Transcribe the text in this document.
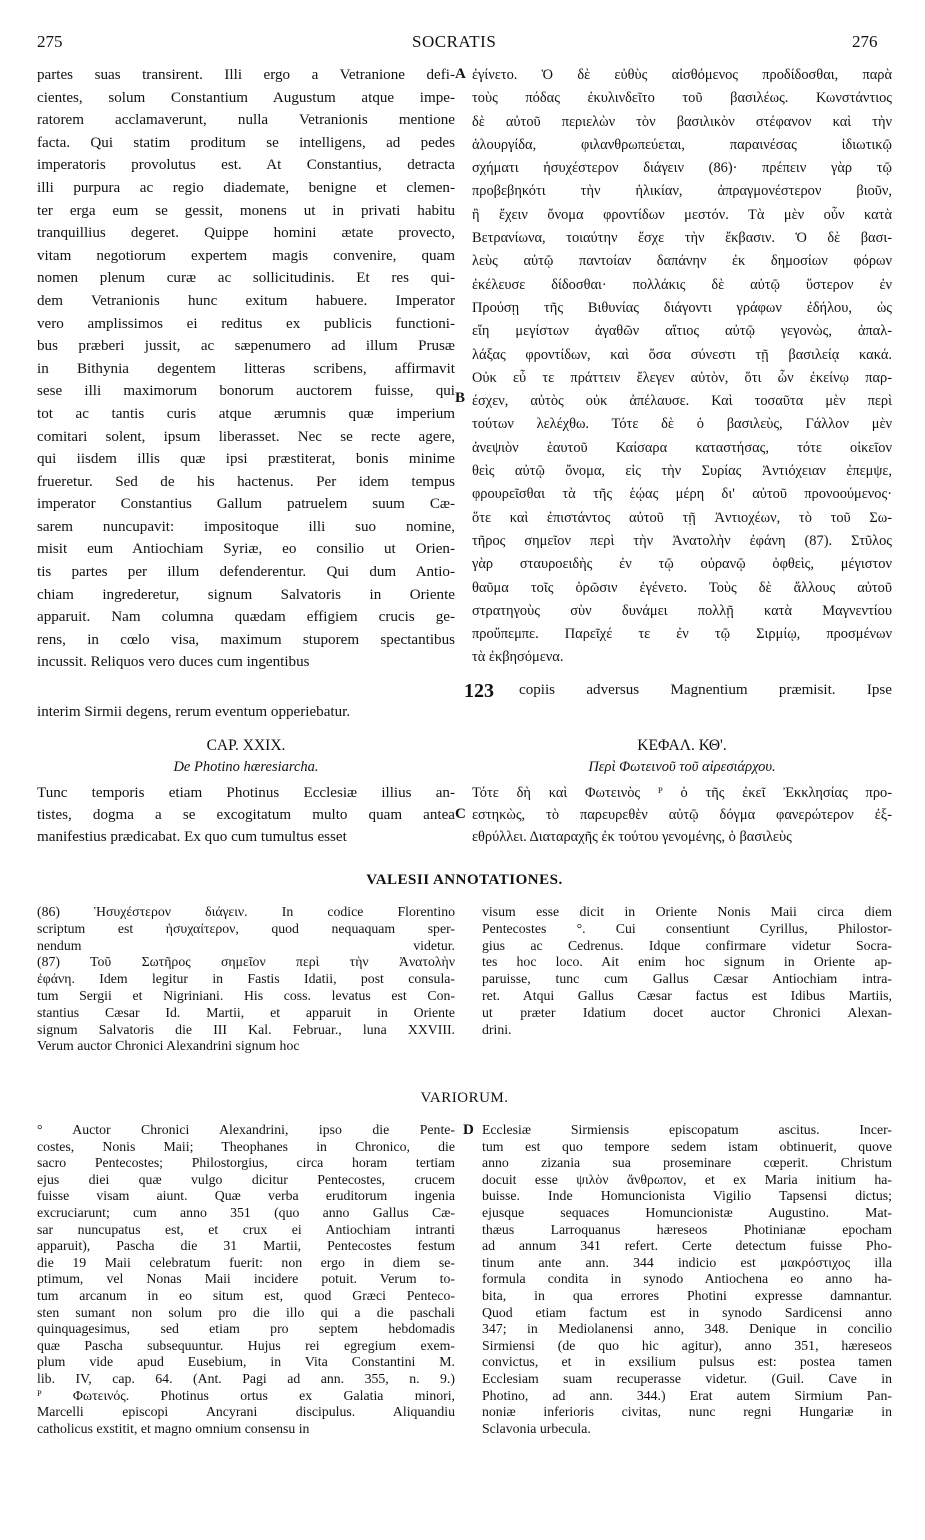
275	SOCRATIS	276
partes suas transirent. Illi ergo a Vetranione defi-
cientes, solum Constantium Augustum atque impe-
ratorem acclamaverunt, nulla Vetranionis mentione
facta. Qui statim proditum se intelligens, ad pedes
imperatoris provolutus est. At Constantius, detracta
illi purpura ac regio diademate, benigne et clemen-
ter erga eum se gessit, monens ut in privati habitu
tranquillius degeret. Quippe homini ætate provecto,
vitam negotiorum expertem magis convenire, quam
nomen plenum curæ ac sollicitudinis. Et res qui-
dem Vetranionis hunc exitum habuere. Imperator
vero amplissimos ei reditus ex publicis functioni-
bus præberi jussit, ac sæpenumero ad illum Prusæ
in Bithynia degentem litteras scribens, affirmavit
sese illi maximorum bonorum auctorem fuisse, qui
tot ac tantis curis atque ærumnis quæ imperium
comitari solent, ipsum liberasset. Nec se recte agere,
qui iisdem illis quæ ipsi præstiterat, bonis minime
frueretur. Sed de his hactenus. Per idem tempus
imperator Constantius Gallum patruelem suum Cæ-
sarem nuncupavit: impositoque illi suo nomine,
misit eum Antiochiam Syriæ, eo consilio ut Orien-
tis partes per illum defenderentur. Qui dum Antio-
chiam ingrederetur, signum Salvatoris in Oriente
apparuit. Nam columna quædam effigiem crucis ge-
rens, in cœlo visa, maximum stuporem spectantibus
incussit. Reliquos vero duces cum ingentibus
ἐγίνετο. Ὁ δὲ εὐθὺς αἰσθόμενος προδίδοσθαι, παρὰ
τοὺς πόδας ἐκυλινδεῖτο τοῦ βασιλέως. Κωνστάντιος
δὲ αὐτοῦ περιελὼν τὸν βασιλικὸν στέφανον καὶ τὴν
ἁλουργίδα, φιλανθρωπεύεται, παραινέσας ἰδιωτικῷ
σχήματι ἡσυχέστερον διάγειν (86)· πρέπειν γὰρ τῷ
προβεβηκότι τὴν ἡλικίαν, ἀπραγμονέστερον βιοῦν,
ἢ ἔχειν ὄνομα φροντίδων μεστόν. Τὰ μὲν οὖν κατὰ
Βετρανίωνα, τοιαύτην ἔσχε τὴν ἔκβασιν. Ὁ δὲ βασι-
λεὺς αὐτῷ παντοίαν δαπάνην ἐκ δημοσίων φόρων
ἐκέλευσε δίδοσθαι· πολλάκις δὲ αὐτῷ ὕστερον ἐν
Προύσῃ τῆς Βιθυνίας διάγοντι γράφων ἐδήλου, ὡς
εἴη μεγίστων ἀγαθῶν αἴτιος αὐτῷ γεγονὼς, ἀπαλ-
λάξας φροντίδων, καὶ ὅσα σύνεστι τῇ βασιλείᾳ κακά.
Οὐκ εὖ τε πράττειν ἔλεγεν αὐτὸν, ὅτι ὧν ἐκείνῳ παρ-
έσχεν, αὐτὸς οὐκ ἀπέλαυσε. Καὶ τοσαῦτα μὲν περὶ
τούτων λελέχθω. Τότε δὲ ὁ βασιλεὺς, Γάλλον μὲν
ἀνεψιὸν ἑαυτοῦ Καίσαρα καταστήσας, τότε οἰκεῖον
θεὶς αὐτῷ ὄνομα, εἰς τὴν Συρίας Ἀντιόχειαν ἐπεμψε,
φρουρεῖσθαι τὰ τῆς ἑῴας μέρη δι' αὐτοῦ προνοούμενος·
ὅτε καὶ ἐπιστάντος αὐτοῦ τῇ Ἀντιοχέων, τὸ τοῦ Σω-
τῆρος σημεῖον περὶ τὴν Ἀνατολὴν ἐφάνη (87). Στῦλος
γὰρ σταυροειδὴς ἐν τῷ οὐρανῷ ὀφθεὶς, μέγιστον
θαῦμα τοῖς ὁρῶσιν ἐγένετο. Τοὺς δὲ ἄλλους αὐτοῦ
στρατηγοὺς σὺν δυνάμει πολλῇ κατὰ Μαγνεντίου
προὔπεμπε. Παρεῖχέ τε ἐν τῷ Σιρμίῳ, προσμένων
τὰ ἐκβησόμενα.
A
B
C
D
123 copiis adversus Magnentium præmisit. Ipse
interim Sirmii degens, rerum eventum opperiebatur.
CAP. XXIX.
De Photino hæresiarcha.
Tunc temporis etiam Photinus Ecclesiæ illius an-
tistes, dogma a se excogitatum multo quam antea
manifestius prædicabat. Ex quo cum tumultus esset
ΚΕΦΑΛ. ΚΘ'.
Περὶ Φωτεινοῦ τοῦ αἱρεσιάρχου.
Τότε δὴ καὶ Φωτεινὸς ᴾ ὁ τῆς ἐκεῖ Ἐκκλησίας προ-
εστηκὼς, τὸ παρευρεθὲν αὐτῷ δόγμα φανερώτερον ἐξ-
εθρύλλει. Διαταραχῆς ἐκ τούτου γενομένης, ὁ βασιλεὺς
VALESII ANNOTATIONES.
(86) Ἡσυχέστερον διάγειν. In codice Florentino
scriptum est ἡσυχαίτερον, quod nequaquam sper-
nendum videtur.
(87) Τοῦ Σωτῆρος σημεῖον περὶ τὴν Ἀνατολὴν
ἐφάνη. Idem legitur in Fastis Idatii, post consula-
tum Sergii et Nigriniani. His coss. levatus est Con-
stantius Cæsar Id. Martii, et apparuit in Oriente
signum Salvatoris die III Kal. Februar., luna XXVIII.
Verum auctor Chronici Alexandrini signum hoc
visum esse dicit in Oriente Nonis Maii circa diem
Pentecostes °. Cui consentiunt Cyrillus, Philostor-
gius ac Cedrenus. Idque confirmare videtur Socra-
tes hoc loco. Ait enim hoc signum in Oriente ap-
paruisse, tunc cum Gallus Cæsar Antiochiam intra-
ret. Atqui Gallus Cæsar factus est Idibus Martiis,
ut præter Idatium docet auctor Chronici Alexan-
drini.
VARIORUM.
° Auctor Chronici Alexandrini, ipso die Pente-
costes, Nonis Maii; Theophanes in Chronico, die
sacro Pentecostes; Philostorgius, circa horam tertiam
ejus diei quæ vulgo dicitur Pentecostes, crucem
fuisse visam aiunt. Quæ verba eruditorum ingenia
excruciarunt; cum anno 351 (quo anno Gallus Cæ-
sar nuncupatus est, et crux ei Antiochiam intranti
apparuit), Pascha die 31 Martii, Pentecostes festum
die 19 Maii celebratum fuerit: non ergo in diem se-
ptimum, vel Nonas Maii incidere potuit. Verum to-
tum arcanum in eo situm est, quod Græci Penteco-
sten sumant non solum pro die illo qui a die paschali
quinquagesimus, sed etiam pro septem hebdomadis
quæ Pascha subsequuntur. Hujus rei egregium exem-
plum vide apud Eusebium, in Vita Constantini M.
lib. IV, cap. 64. (Ant. Pagi ad ann. 355, n. 9.)
ᴾ Φωτεινός. Photinus ortus ex Galatia minori,
Marcelli episcopi Ancyrani discipulus. Aliquandiu
catholicus exstitit, et magno omnium consensu in
Ecclesiæ Sirmiensis episcopatum ascitus. Incer-
tum est quo tempore sedem istam obtinuerit, quove
anno zizania sua proseminare cœperit. Christum
docuit esse ψιλὸν ἄνθρωπον, et ex Maria initium ha-
buisse. Inde Homuncionista Vigilio Tapsensi dictus;
ejusque sequaces Homuncionistæ Augustino. Mat-
thæus Larroquanus hæreseos Photinianæ epocham
ad annum 341 refert. Certe detectum fuisse Pho-
tinum ante ann. 344 indicio est μακρόστιχος illa
formula condita in synodo Antiochena eo anno ha-
bita, in qua errores Photini expresse damnantur.
Quod etiam factum est in synodo Sardicensi anno
347; in Mediolanensi anno, 348. Denique in concilio
Sirmiensi (de quo hic agitur), anno 351, hæreseos
convictus, et in exsilium pulsus est: postea tamen
Ecclesiam suam recuperasse videtur. (Guil. Cave in
Photino, ad ann. 344.) Erat autem Sirmium Pan-
noniæ inferioris civitas, nunc regni Hungariæ in
Sclavonia urbecula.
